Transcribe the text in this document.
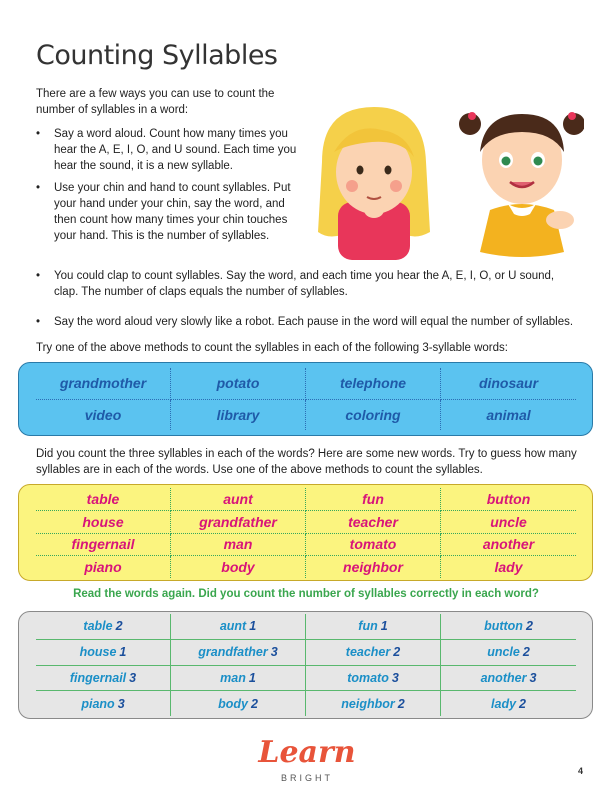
Counting Syllables
There are a few ways you can use to count the number of syllables in a word:
• Say a word aloud. Count how many times you hear the A, E, I, O, and U sound. Each time you hear the sound, it is a new syllable.
• Use your chin and hand to count syllables. Put your hand under your chin, say the word, and then count how many times your chin touches your hand. This is the number of syllables.
• You could clap to count syllables. Say the word, and each time you hear the A, E, I, O, or U sound, clap. The number of claps equals the number of syllables.
• Say the word aloud very slowly like a robot. Each pause in the word will equal the number of syllables.
Try one of the above methods to count the syllables in each of the following 3-syllable words:
grandmother	potato	telephone	dinosaur
video	library	coloring	animal
Did you count the three syllables in each of the words? Here are some new words. Try to guess how many syllables are in each of the words. Use one of the above methods to count the syllables.
table	aunt	fun	button
house	grandfather	teacher	uncle
fingernail	man	tomato	another
piano	body	neighbor	lady
Read the words again. Did you count the number of syllables correctly in each word?
table 2	aunt 1	fun 1	button 2
house 1	grandfather 3	teacher 2	uncle 2
fingernail 3	man 1	tomato 3	another 3
piano 3	body 2	neighbor 2	lady 2
Learn
BRIGHT
4
